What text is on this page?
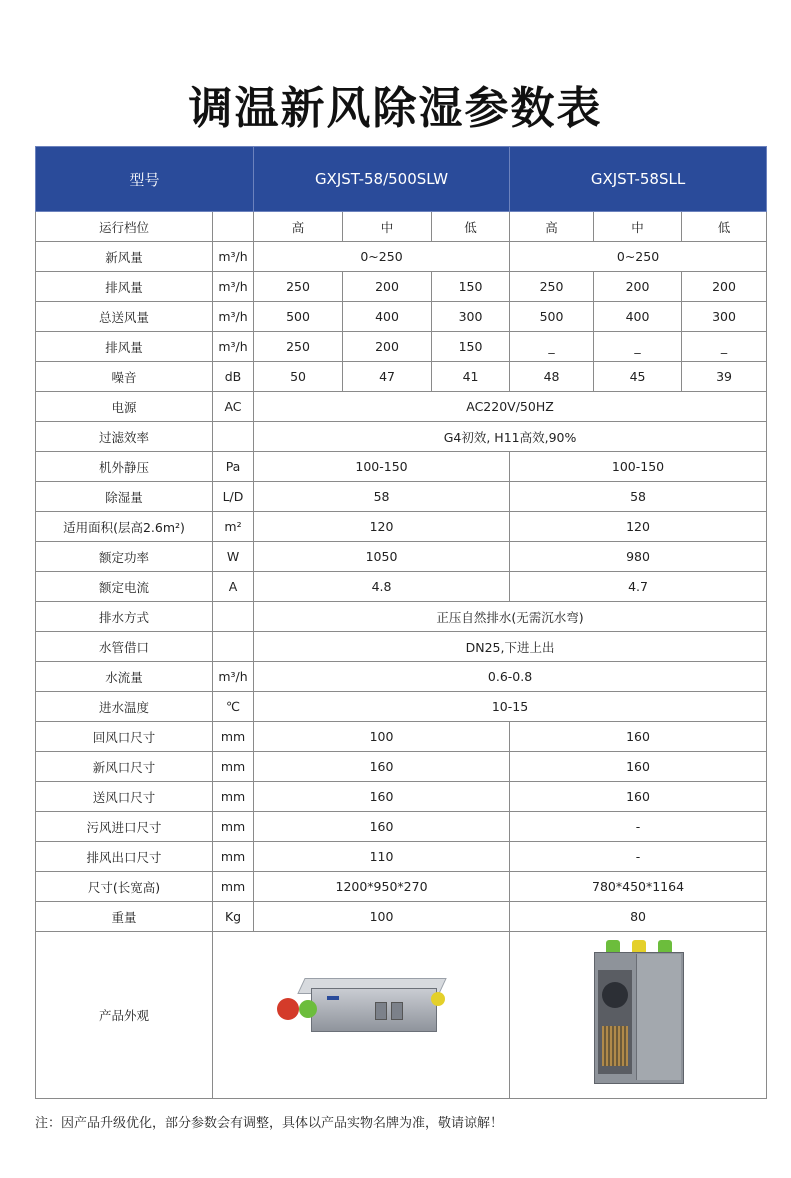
调温新风除湿参数表
型号		GXJST-58/500SLW			GXJST-58SLL		
运行档位		高	中	低	高	中	低
新风量	m³/h	0~250			0~250		
排风量	m³/h	250	200	150	250	200	200
总送风量	m³/h	500	400	300	500	400	300
排风量	m³/h	250	200	150	_	_	_
噪音	dB	50	47	41	48	45	39
电源	AC	AC220V/50HZ					
过滤效率		G4初效, H11高效,90%					
机外静压	Pa	100-150			100-150		
除湿量	L/D	58			58		
适用面积(层高2.6m²)	m²	120			120		
额定功率	W	1050			980		
额定电流	A	4.8			4.7		
排水方式		正压自然排水(无需沉水弯)					
水管借口		DN25,下进上出					
水流量	m³/h	0.6-0.8					
进水温度	℃	10-15					
回风口尺寸	mm	100			160		
新风口尺寸	mm	160			160		
送风口尺寸	mm	160			160		
污风进口尺寸	mm	160			-		
排风出口尺寸	mm	110			-		
尺寸(长宽高)	mm	1200*950*270			780*450*1164		
重量	Kg	100			80		
产品外观						

注：因产品升级优化，部分参数会有调整，具体以产品实物名牌为准，敬请谅解！
